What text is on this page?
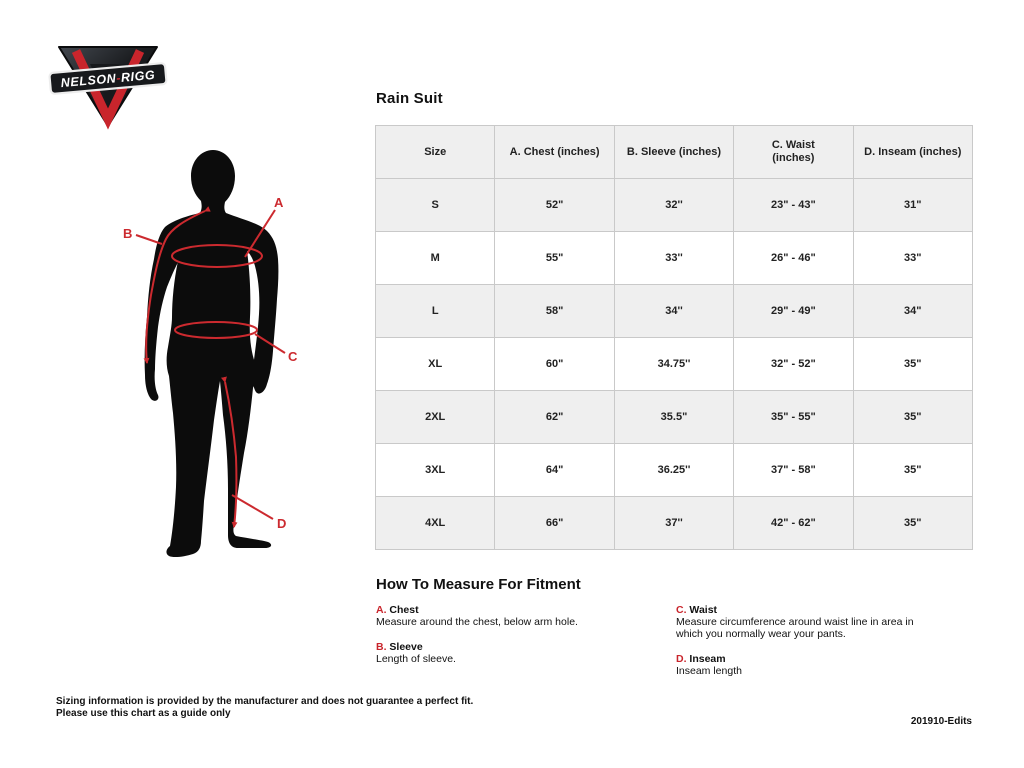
NELSON-RIGG
A
B
C
D
Rain Suit
Size	A. Chest (inches)	B. Sleeve (inches)	C. Waist (inches)	D. Inseam (inches)
S	52"	32''	23" - 43"	31"
M	55"	33''	26" - 46"	33"
L	58"	34''	29" - 49"	34"
XL	60"	34.75''	32" - 52"	35"
2XL	62"	35.5"	35" - 55"	35"
3XL	64"	36.25''	37" - 58"	35"
4XL	66"	37''	42" - 62"	35"
How To Measure For Fitment
A. Chest
Measure around the chest, below arm hole.
B. Sleeve
Length of sleeve.
C. Waist
Measure circumference around waist line in area in which you normally wear your pants.
D. Inseam
Inseam length
Sizing information is provided by the manufacturer and does not guarantee a perfect fit.
Please use this chart as a guide only
201910-Edits
